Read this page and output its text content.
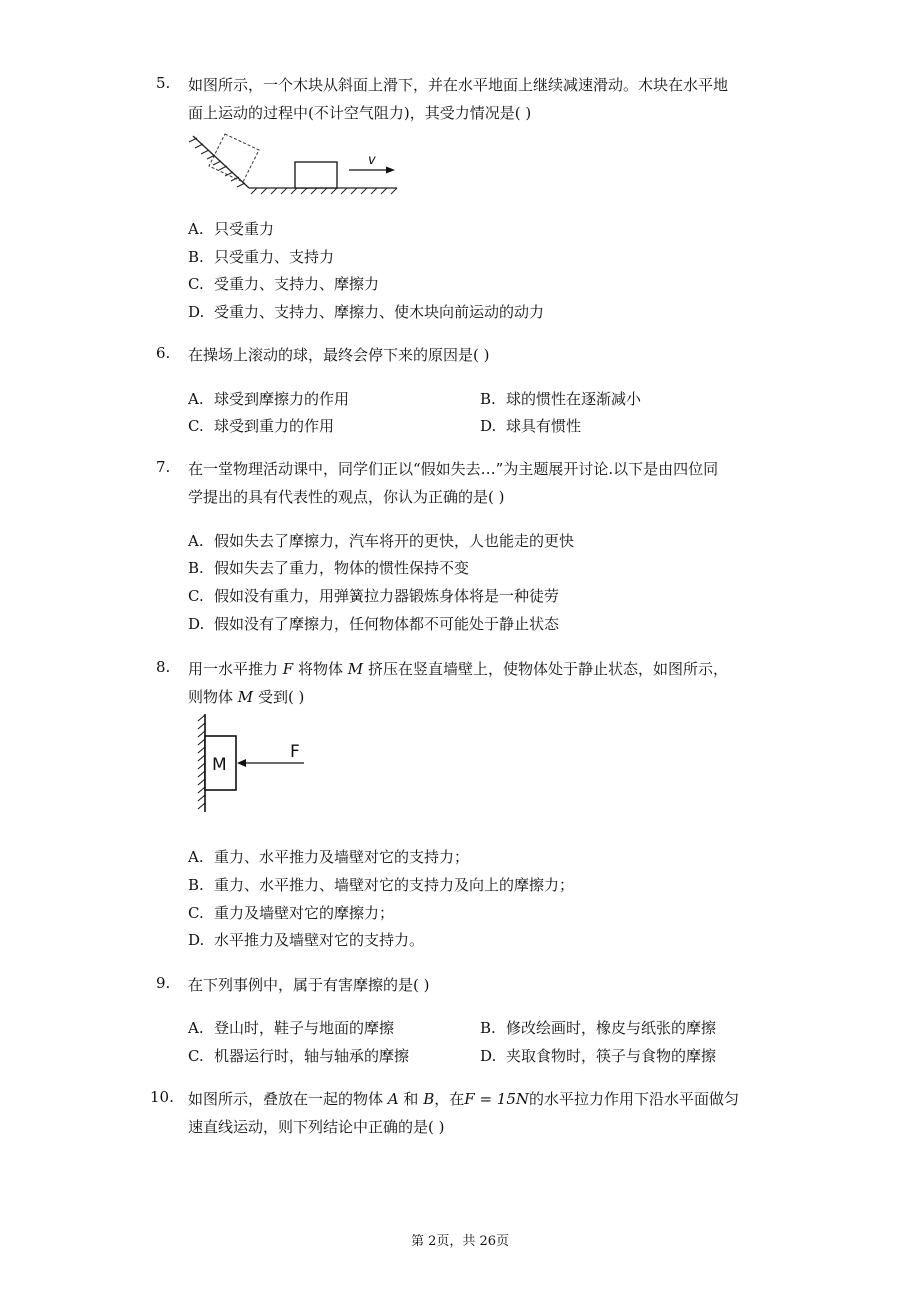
5. 如图所示，一个木块从斜面上滑下，并在水平地面上继续减速滑动。木块在水平地
面上运动的过程中(不计空气阻力)，其受力情况是( )
v
A. 只受重力
B. 只受重力、支持力
C. 受重力、支持力、摩擦力
D. 受重力、支持力、摩擦力、使木块向前运动的动力
6. 在操场上滚动的球，最终会停下来的原因是( )
A. 球受到摩擦力的作用	B. 球的惯性在逐渐减小
C. 球受到重力的作用	D. 球具有惯性
7. 在一堂物理活动课中，同学们正以“假如失去…”为主题展开讨论.以下是由四位同
学提出的具有代表性的观点，你认为正确的是( )
A. 假如失去了摩擦力，汽车将开的更快，人也能走的更快
B. 假如失去了重力，物体的惯性保持不变
C. 假如没有重力，用弹簧拉力器锻炼身体将是一种徒劳
D. 假如没有了摩擦力，任何物体都不可能处于静止状态
8. 用一水平推力 F 将物体 M 挤压在竖直墙壁上，使物体处于静止状态，如图所示，
则物体 M 受到( )
M
F
A. 重力、水平推力及墙壁对它的支持力；
B. 重力、水平推力、墙壁对它的支持力及向上的摩擦力；
C. 重力及墙壁对它的摩擦力；
D. 水平推力及墙壁对它的支持力。
9. 在下列事例中，属于有害摩擦的是( )
A. 登山时，鞋子与地面的摩擦	B. 修改绘画时，橡皮与纸张的摩擦
C. 机器运行时，轴与轴承的摩擦	D. 夹取食物时，筷子与食物的摩擦
10. 如图所示，叠放在一起的物体 A 和 B，在F = 15N的水平拉力作用下沿水平面做匀
速直线运动，则下列结论中正确的是( )
第 2页，共 26页
